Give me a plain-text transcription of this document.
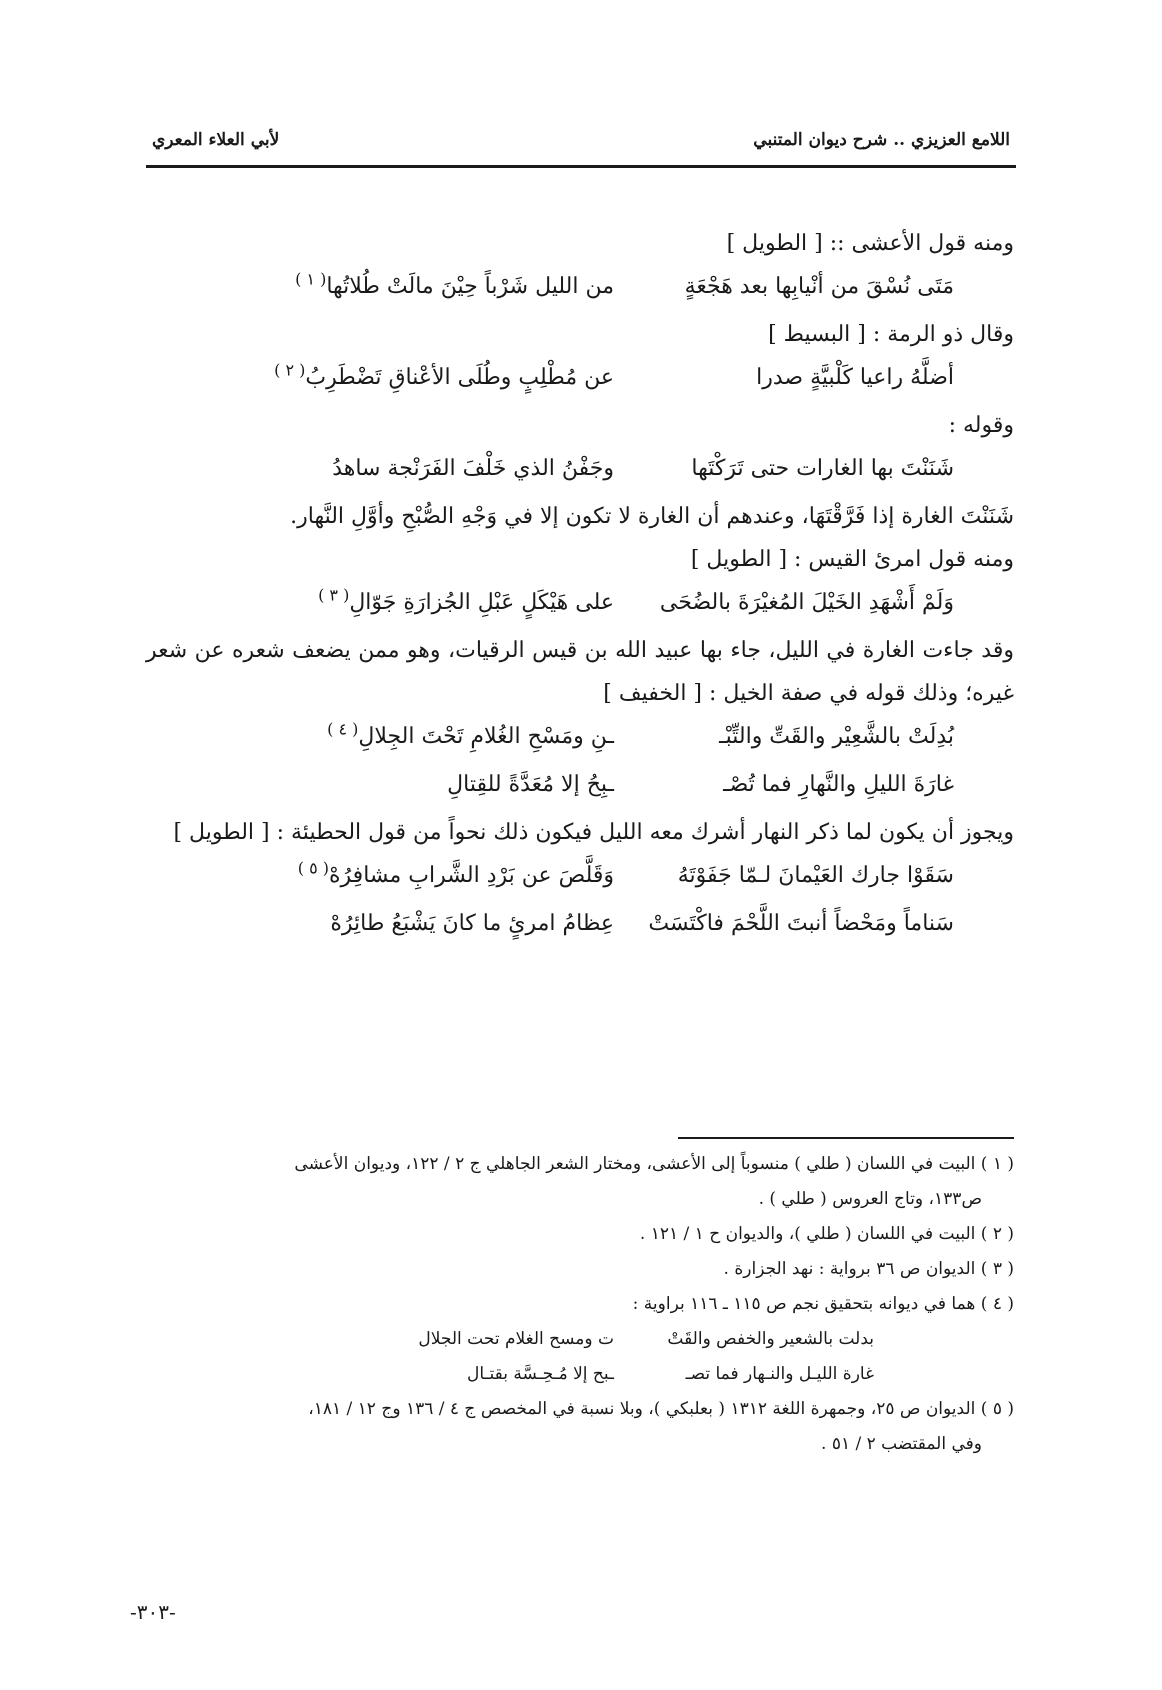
اللامع العزيزي .. شرح ديوان المتنبي
لأبي العلاء المعري
ومنه قول الأعشى :: [ الطويل ]
مَتَى نُسْقَ من أنْيابِها بعد هَجْعَةٍ
من الليل شَرْباً حِيْنَ مالَتْ طُلاتُها$^{( ١ )}$
وقال ذو الرمة : [ البسيط ]
أضلَّهُ راعيا كَلْبيَّةٍ صدرا
عن مُطْلِبٍ وطُلَى الأعْناقِ تَضْطَرِبُ$^{( ٢ )}$
وقوله :
شَنَنْتَ بها الغارات حتى تَرَكْتَها
وجَفْنُ الذي خَلْفَ الفَرَنْجة ساهدُ
شَنَنْتَ الغارة إذا فَرَّقْتَهَا، وعندهم أن الغارة لا تكون إلا في وَجْهِ الصُّبْحِ وأوَّلِ النَّهار.
ومنه قول امرئ القيس : [ الطويل ]
وَلَمْ أَشْهَدِ الخَيْلَ المُغيْرَةَ بالضُحَى
على هَيْكَلٍ عَبْلِ الجُزارَةِ جَوّالِ$^{( ٣ )}$
وقد جاءت الغارة في الليل، جاء بها عبيد الله بن قيس الرقيات، وهو ممن يضعف شعره عن شعر غيره؛ وذلك قوله في صفة الخيل : [ الخفيف ]
بُدِلَتْ بالشَّعِيْر والقَتِّ والتِّبْـ
ـنِ ومَسْحِ الغُلامِ تَحْتَ الجِلالِ$^{( ٤ )}$
غارَةَ الليلِ والنَّهارِ فما تُصْـ
ـبِحُ إلا مُعَدَّةً للقِتالِ
ويجوز أن يكون لما ذكر النهار أشرك معه الليل فيكون ذلك نحواً من قول الحطيئة : [ الطويل ]
سَقَوْا جارك العَيْمانَ لـمّا جَفَوْتَهُ
وَقَلَّصَ عن بَرْدِ الشَّرابِ مشافِرُهْ$^{( ٥ )}$
سَناماً ومَحْضاً أنبتَ اللَّحْمَ فاكْتَسَتْ
عِظامُ امرئٍ ما كانَ يَشْبَعُ طائِرُهْ
( ١ ) البيت في اللسان ( طلي ) منسوباً إلى الأعشى، ومختار الشعر الجاهلي ج ٢ / ١٢٢، وديوان الأعشى
ص١٣٣، وتاج العروس ( طلي ) .
( ٢ ) البيت في اللسان ( طلي )، والديوان ح ١ / ١٢١ .
( ٣ ) الديوان ص ٣٦ برواية : نهد الجزارة .
( ٤ ) هما في ديوانه بتحقيق نجم ص ١١٥ ـ ١١٦ براوية :
بدلت بالشعير والخفص والقَتْ
ت ومسح الغلام تحت الجلال
غارة الليـل والنـهار فما تصـ
ـبح إلا مُـحِـسَّة بقتـال
( ٥ ) الديوان ص ٢٥، وجمهرة اللغة ١٣١٢ ( بعلبكي )، وبلا نسبة في المخصص ج ٤ / ١٣٦ وج ١٢ / ١٨١،
وفي المقتضب ٢ / ٥١ .
-٣٠٣-
